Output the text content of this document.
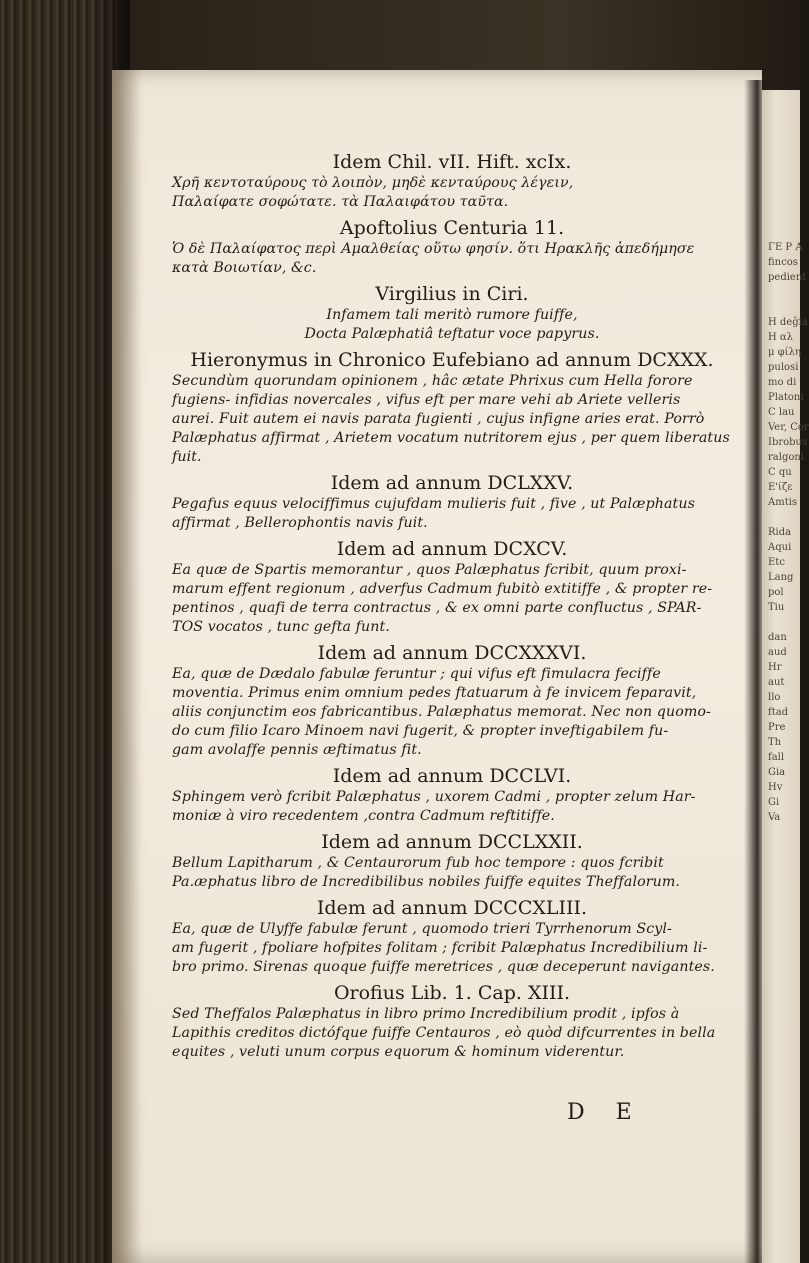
Idem Chil. vII. Hift. xcIx.

Χρῆ κεντοταύρους τὸ λοιπὸν, μηδὲ κενταύρους λέγειν,

Παλαίφατε σοφώτατε. τὰ Παλαιφάτου ταῦτα.

Apoftolius Centuria 11.

Ὁ δὲ Παλαίφατος περὶ Αμαλθείας οὕτω φησίν. ὅτι Ηρακλῆς ἀπεδήμησε

κατὰ Βοιωτίαν, &c.

Virgilius in Ciri.

Infamem tali meritò rumore fuiffe,

Docta Palæphatiâ teftatur voce papyrus.

Hieronymus in Chronico Eufebiano ad annum DCXXX.

Secundùm quorundam opinionem , hâc ætate Phrixus cum Hella forore

fugiens- infidias novercales , vifus eft per mare vehi ab Ariete velleris

aurei. Fuit autem ei navis parata fugienti , cujus infigne aries erat. Porrò

Palæphatus affirmat , Arietem vocatum nutritorem ejus , per quem liberatus

fuit.

Idem ad annum DCLXXV.

Pegafus equus velociffimus cujufdam mulieris fuit , five , ut Palæphatus

affirmat , Bellerophontis navis fuit.

Idem ad annum DCXCV.

Ea quæ de Spartis memorantur , quos Palæphatus fcribit, quum proxi-

marum effent regionum , adverfus Cadmum fubitò extitiffe , & propter re-

pentinos , quafi de terra contractus , & ex omni parte confluctus , SPAR-

TOS vocatos , tunc gefta funt.

Idem ad annum DCCXXXVI.

Ea, quæ de Dædalo fabulæ feruntur ; qui vifus eft fimulacra feciffe

moventia. Primus enim omnium pedes ftatuarum à fe invicem feparavit,

aliis conjunctim eos fabricantibus. Palæphatus memorat. Nec non quomo-

do cum filio Icaro Minoem navi fugerit, & propter inveftigabilem fu-

gam avolaffe pennis æftimatus fit.

Idem ad annum DCCLVI.

Sphingem verò fcribit Palæphatus , uxorem Cadmi , propter zelum Har-

moniæ à viro recedentem ,contra Cadmum reftitiffe.

Idem ad annum DCCLXXII.

Bellum Lapitharum , & Centaurorum fub hoc tempore : quos fcribit

Pa.æphatus libro de Incredibilibus nobiles fuiffe equites Theffalorum.

Idem ad annum DCCCXLIII.

Ea, quæ de Ulyffe fabulæ ferunt , quomodo trieri Tyrrhenorum Scyl-

am fugerit , fpoliare hofpites folitam ; fcribit Palæphatus Incredibilium li-

bro primo. Sirenas quoque fuiffe meretrices , quæ deceperunt navigantes.

Orofius Lib. 1. Cap. XIII.

Sed Theffalos Palæphatus in libro primo Incredibilium prodit , ipfos à

Lapithis creditos dictófque fuiffe Centauros , eò quòd difcurrentes in bella

equites , veluti unum corpus equorum & hominum viderentur.

D E
ΓΕ Ρ Α
fincos
pedient

Η deĝia
Η αλ
μ φίλη
pulosi
mo di
Platoni
C lau
Ver, Cor
Ibrobus
ralgoni
C qu
Ε'ίζε
Amtis

Rida
Aqui
Etc
Lang
pol
Tiu

dan
aud
Hr
aut
llo
ftad
Pre
Th
fall
Gia
Hv
Gi
Va
